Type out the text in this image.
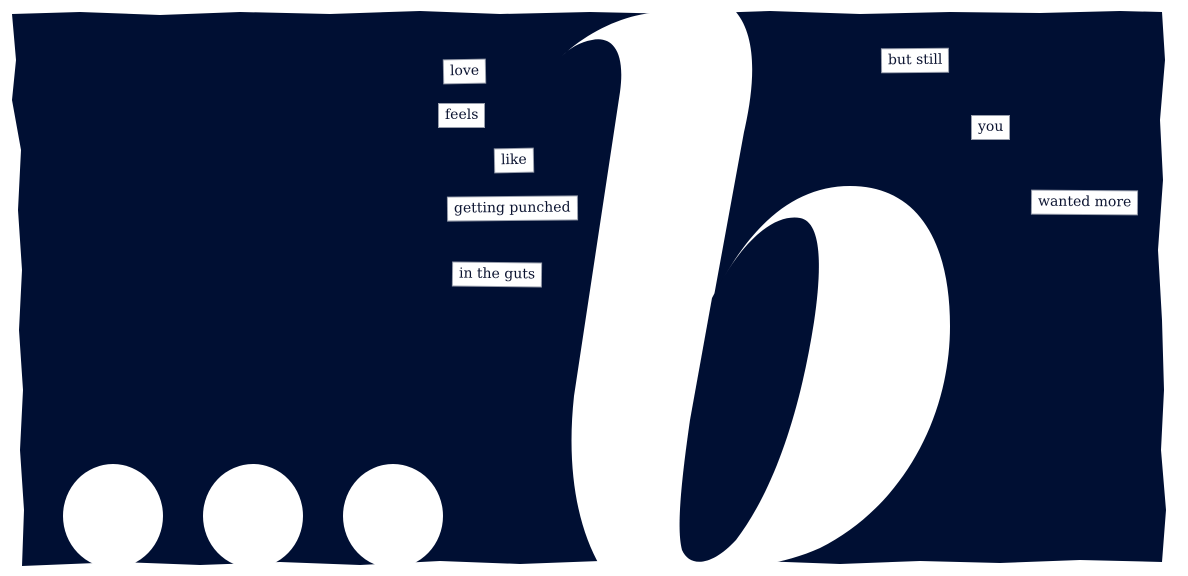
love
feels
like
getting punched
in the guts
but still
you
wanted more
